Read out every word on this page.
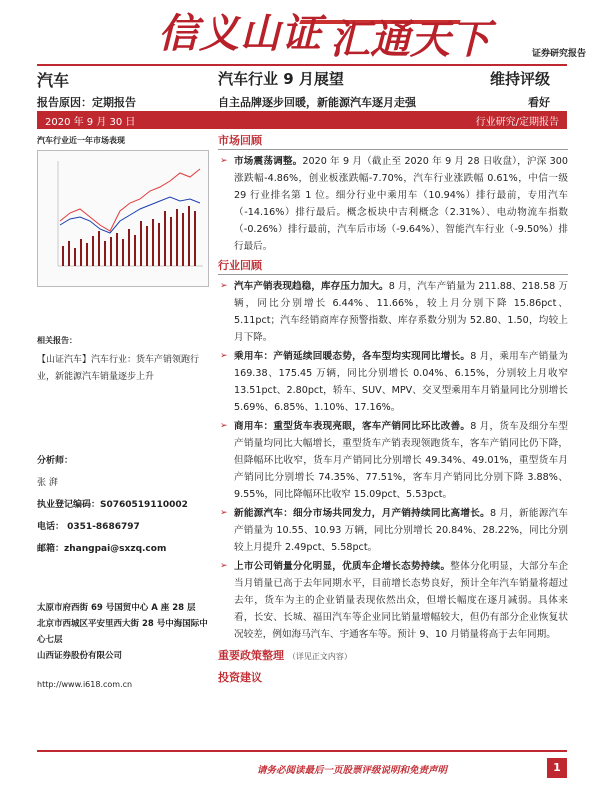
信义山证 汇通天下	证券研究报告
汽车	汽车行业 9 月展望	维持评级
报告原因：定期报告	自主品牌逐步回暖，新能源汽车逐月走强	看好
2020 年 9 月 30 日	行业研究/定期报告
汽车行业近一年市场表现
相关报告：
【山证汽车】汽车行业：货车产销领跑行业，新能源汽车销量逐步上升
分析师：
张 湃
执业登记编码：S0760519110002
电话： 0351-8686797
邮箱：zhangpai@sxzq.com
太原市府西街 69 号国贸中心 A 座 28 层
北京市西城区平安里西大街 28 号中海国际中心七层
山西证券股份有限公司
http://www.i618.com.cn
市场回顾
➢ 市场震荡调整。2020 年 9 月（截止至 2020 年 9 月 28 日收盘），沪深 300 涨跌幅-4.86%，创业板涨跌幅-7.70%，汽车行业涨跌幅 0.61%，中信一级 29 行业排名第 1 位。细分行业中乘用车（10.94%）排行最前，专用汽车（-14.16%）排行最后。概念板块中吉利概念（2.31%）、电动物流车指数（-0.26%）排行最前，汽车后市场（-9.64%）、智能汽车行业（-9.50%）排行最后。
行业回顾
➢ 汽车产销表现趋稳，库存压力加大。8 月，汽车产销量为 211.88、218.58 万辆，同比分别增长 6.44%、11.66%，较上月分别下降 15.86pct、5.11pct；汽车经销商库存预警指数、库存系数分别为 52.80、1.50，均较上月下降。
➢ 乘用车：产销延续回暖态势，各车型均实现同比增长。8 月，乘用车产销量为 169.38、175.45 万辆，同比分别增长 0.04%、6.15%，分别较上月收窄 13.51pct、2.80pct，轿车、SUV、MPV、交叉型乘用车月销量同比分别增长 5.69%、6.85%、1.10%、17.16%。
➢ 商用车：重型货车表现亮眼，客车产销同比环比改善。8 月，货车及细分车型产销量均同比大幅增长，重型货车产销表现领跑货车，客车产销同比仍下降，但降幅环比收窄，货车月产销同比分别增长 49.34%、49.01%，重型货车月产销同比分别增长 74.35%、77.51%，客车月产销同比分别下降 3.88%、9.55%，同比降幅环比收窄 15.09pct、5.53pct。
➢ 新能源汽车：细分市场共同发力，月产销持续同比高增长。8 月，新能源汽车产销量为 10.55、10.93 万辆，同比分别增长 20.84%、28.22%，同比分别较上月提升 2.49pct、5.58pct。
➢ 上市公司销量分化明显，优质车企增长态势持续。整体分化明显，大部分车企当月销量已高于去年同期水平，目前增长态势良好，预计全年汽车销量将超过去年，货车为主的企业销量表现依然出众，但增长幅度在逐月减弱。具体来看，长安、长城、福田汽车等企业同比销量增幅较大，但仍有部分企业恢复状况较差，例如海马汽车、宇通客车等。预计 9、10 月销量将高于去年同期。
重要政策整理 （详见正文内容）
投资建议
请务必阅读最后一页股票评级说明和免责声明	1
